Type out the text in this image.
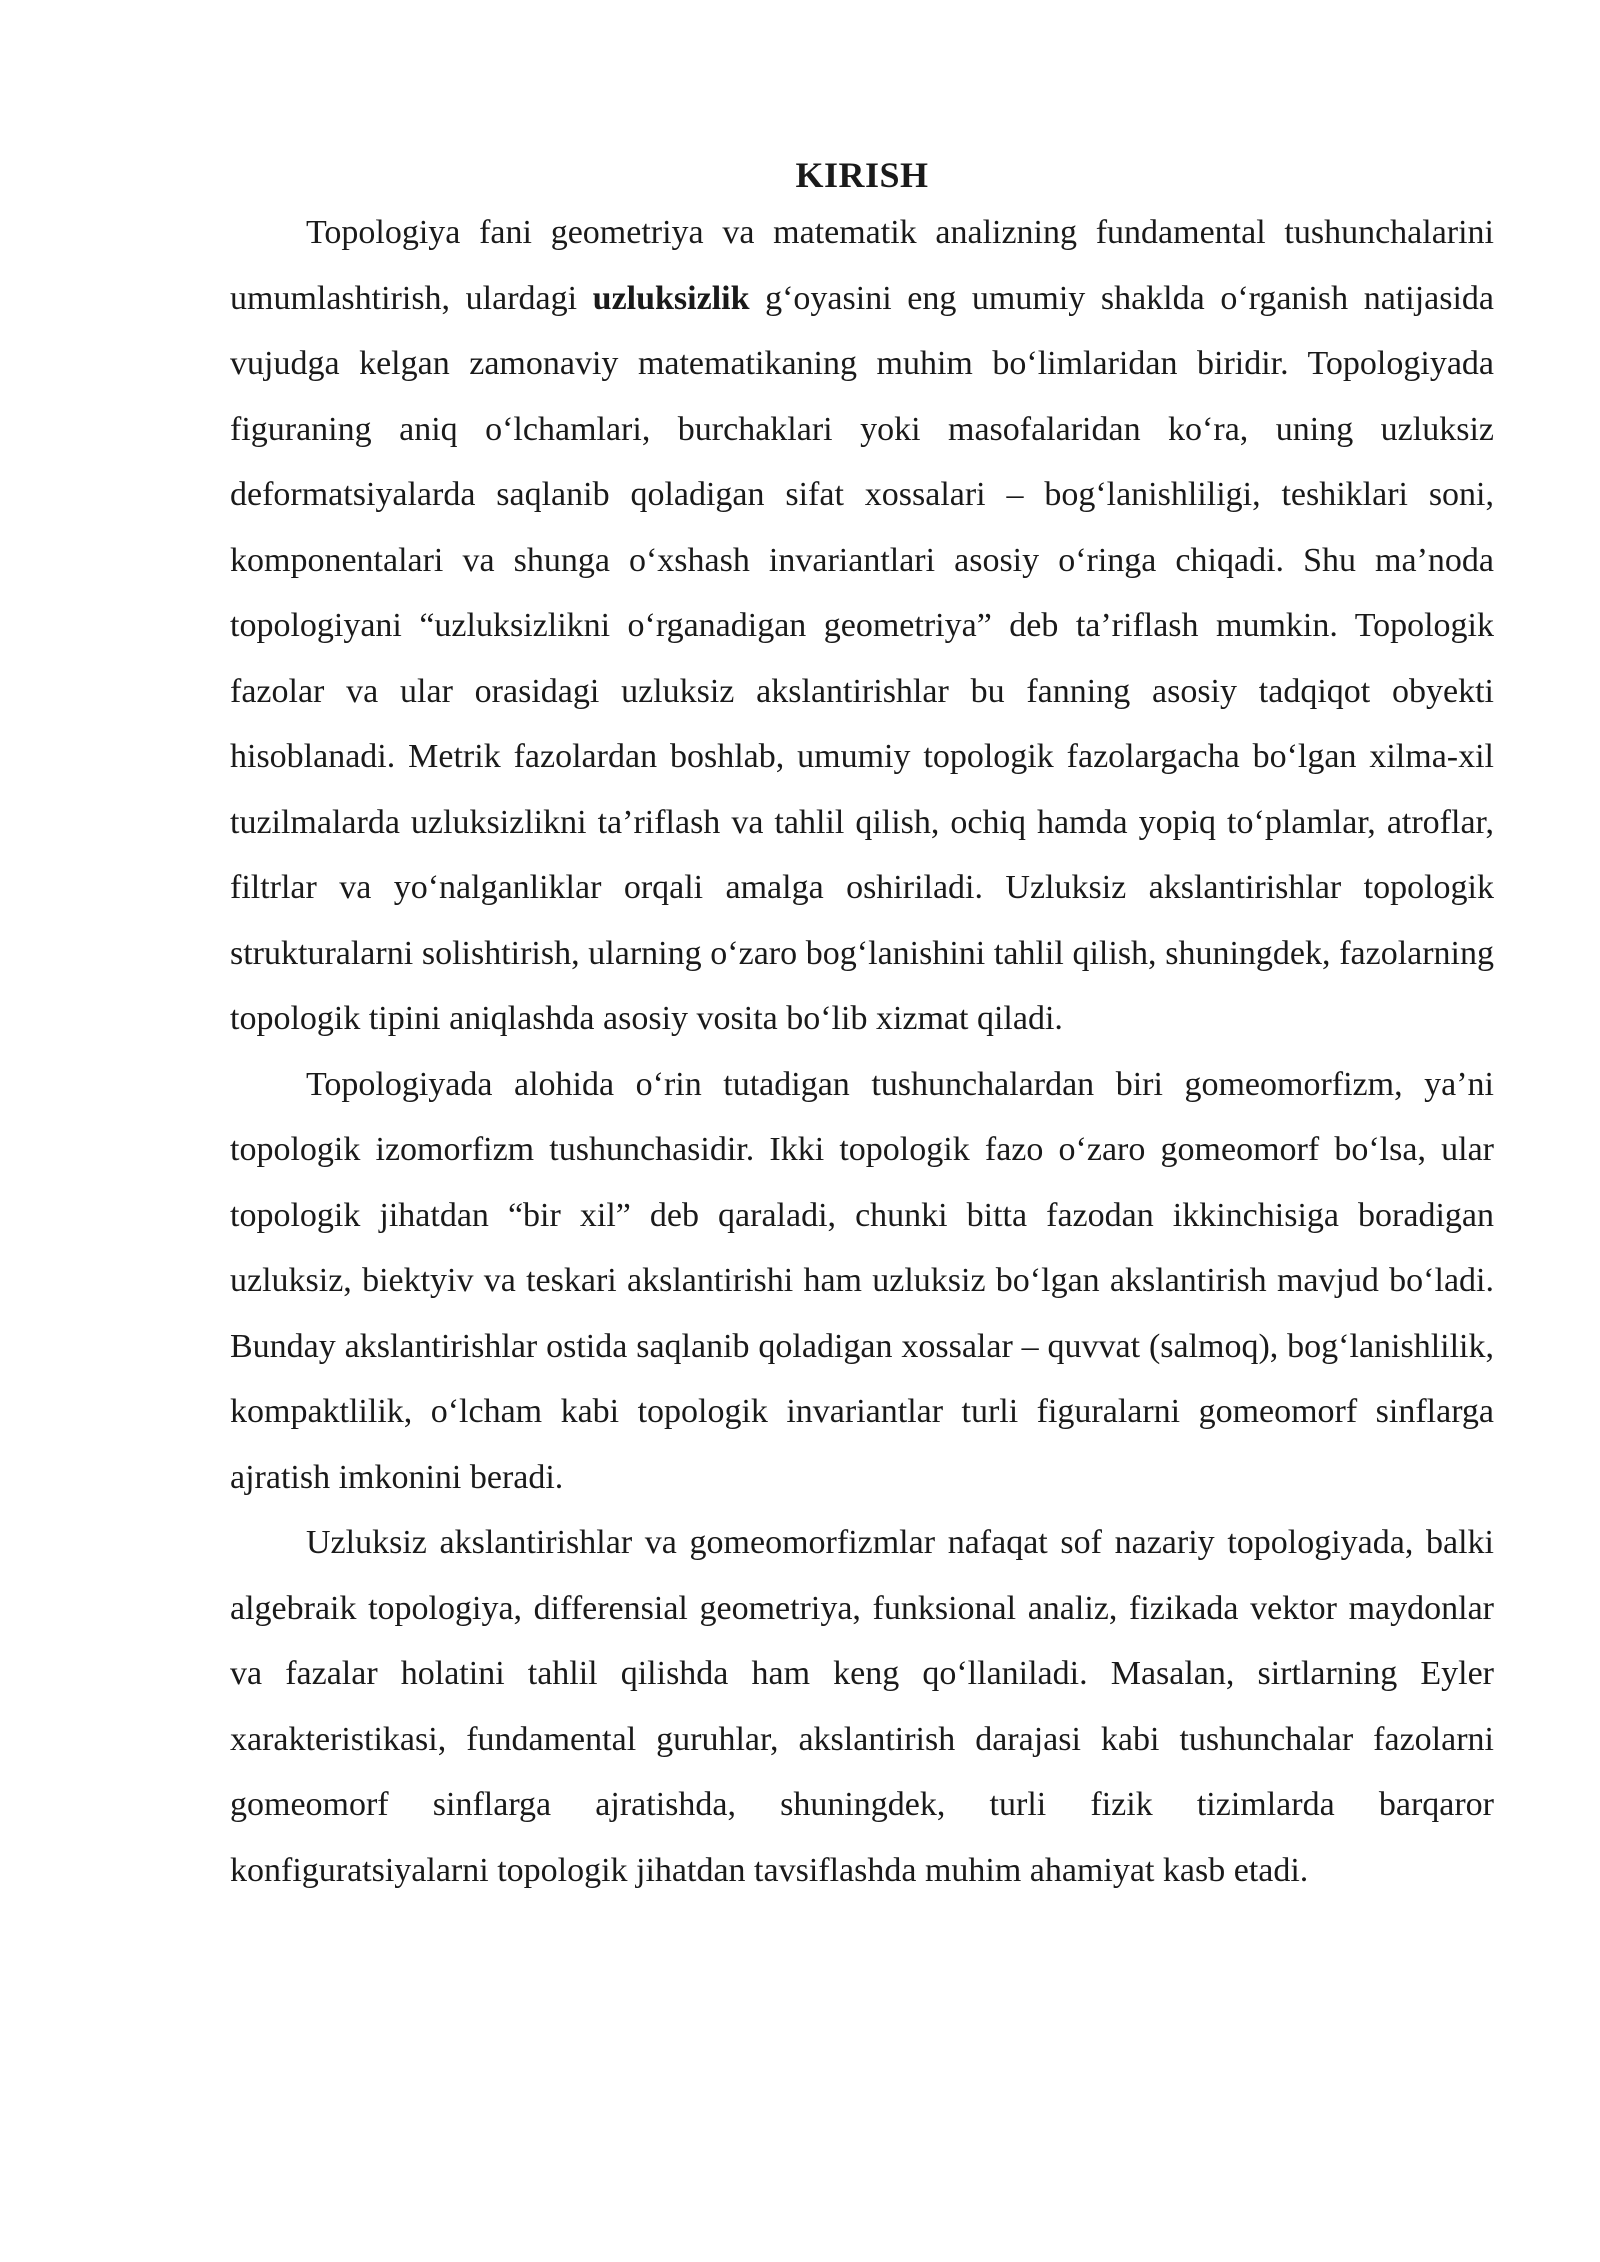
KIRISH

Topologiya fani geometriya va matematik analizning fundamental tushunchalarini umumlashtirish, ulardagi uzluksizlik g‘oyasini eng umumiy shaklda o‘rganish natijasida vujudga kelgan zamonaviy matematikaning muhim bo‘limlaridan biridir. Topologiyada figuraning aniq o‘lchamlari, burchaklari yoki masofalaridan ko‘ra, uning uzluksiz deformatsiyalarda saqlanib qoladigan sifat xossalari – bog‘lanishliligi, teshiklari soni, komponentalari va shunga o‘xshash invariantlari asosiy o‘ringa chiqadi. Shu ma’noda topologiyani “uzluksizlikni o‘rganadigan geometriya” deb ta’riflash mumkin. Topologik fazolar va ular orasidagi uzluksiz akslantirishlar bu fanning asosiy tadqiqot obyekti hisoblanadi. Metrik fazolardan boshlab, umumiy topologik fazolargacha bo‘lgan xilma-xil tuzilmalarda uzluksizlikni ta’riflash va tahlil qilish, ochiq hamda yopiq to‘plamlar, atroflar, filtrlar va yo‘nalganliklar orqali amalga oshiriladi. Uzluksiz akslantirishlar topologik strukturalarni solishtirish, ularning o‘zaro bog‘lanishini tahlil qilish, shuningdek, fazolarning topologik tipini aniqlashda asosiy vosita bo‘lib xizmat qiladi.

Topologiyada alohida o‘rin tutadigan tushunchalardan biri gomeomorfizm, ya’ni topologik izomorfizm tushunchasidir. Ikki topologik fazo o‘zaro gomeomorf bo‘lsa, ular topologik jihatdan “bir xil” deb qaraladi, chunki bitta fazodan ikkinchisiga boradigan uzluksiz, biektyiv va teskari akslantirishi ham uzluksiz bo‘lgan akslantirish mavjud bo‘ladi. Bunday akslantirishlar ostida saqlanib qoladigan xossalar – quvvat (salmoq), bog‘lanishlilik, kompaktlilik, o‘lcham kabi topologik invariantlar turli figuralarni gomeomorf sinflarga ajratish imkonini beradi.

Uzluksiz akslantirishlar va gomeomorfizmlar nafaqat sof nazariy topologiyada, balki algebraik topologiya, differensial geometriya, funksional analiz, fizikada vektor maydonlar va fazalar holatini tahlil qilishda ham keng qo‘llaniladi. Masalan, sirtlarning Eyler xarakteristikasi, fundamental guruhlar, akslantirish darajasi kabi tushunchalar fazolarni gomeomorf sinflarga ajratishda, shuningdek, turli fizik tizimlarda barqaror konfiguratsiyalarni topologik jihatdan tavsiflashda muhim ahamiyat kasb etadi.
